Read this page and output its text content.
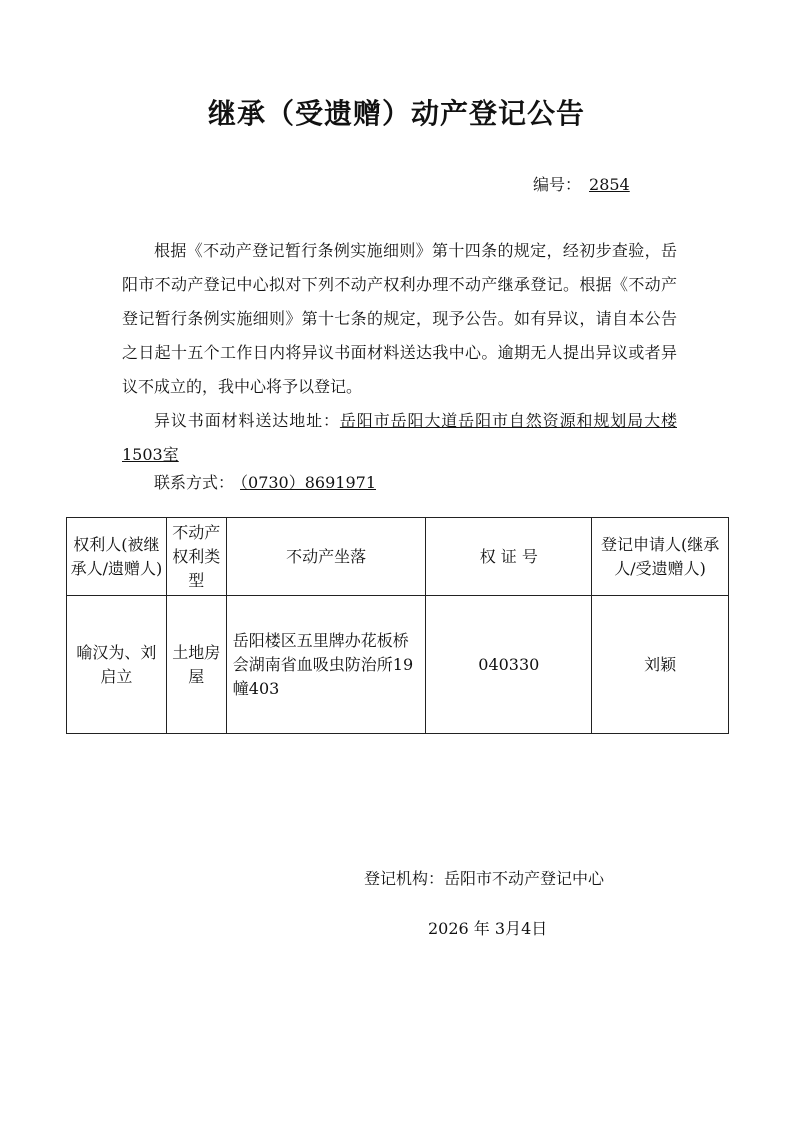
继承（受遗赠）动产登记公告
编号： 2854

根据《不动产登记暂行条例实施细则》第十四条的规定，经初步查验，岳阳市不动产登记中心拟对下列不动产权利办理不动产继承登记。根据《不动产登记暂行条例实施细则》第十七条的规定，现予公告。如有异议，请自本公告之日起十五个工作日内将异议书面材料送达我中心。逾期无人提出异议或者异议不成立的，我中心将予以登记。

异议书面材料送达地址：岳阳市岳阳大道岳阳市自然资源和规划局大楼1503室

联系方式： （0730）8691971
权利人(被继承人/遗赠人)	不动产权利类型	不动产坐落	权 证 号	登记申请人(继承人/受遗赠人)
喻汉为、刘启立	土地房屋	岳阳楼区五里牌办花板桥会湖南省血吸虫防治所19幢403	040330	刘颖
登记机构：岳阳市不动产登记中心
2026 年 3月4日
